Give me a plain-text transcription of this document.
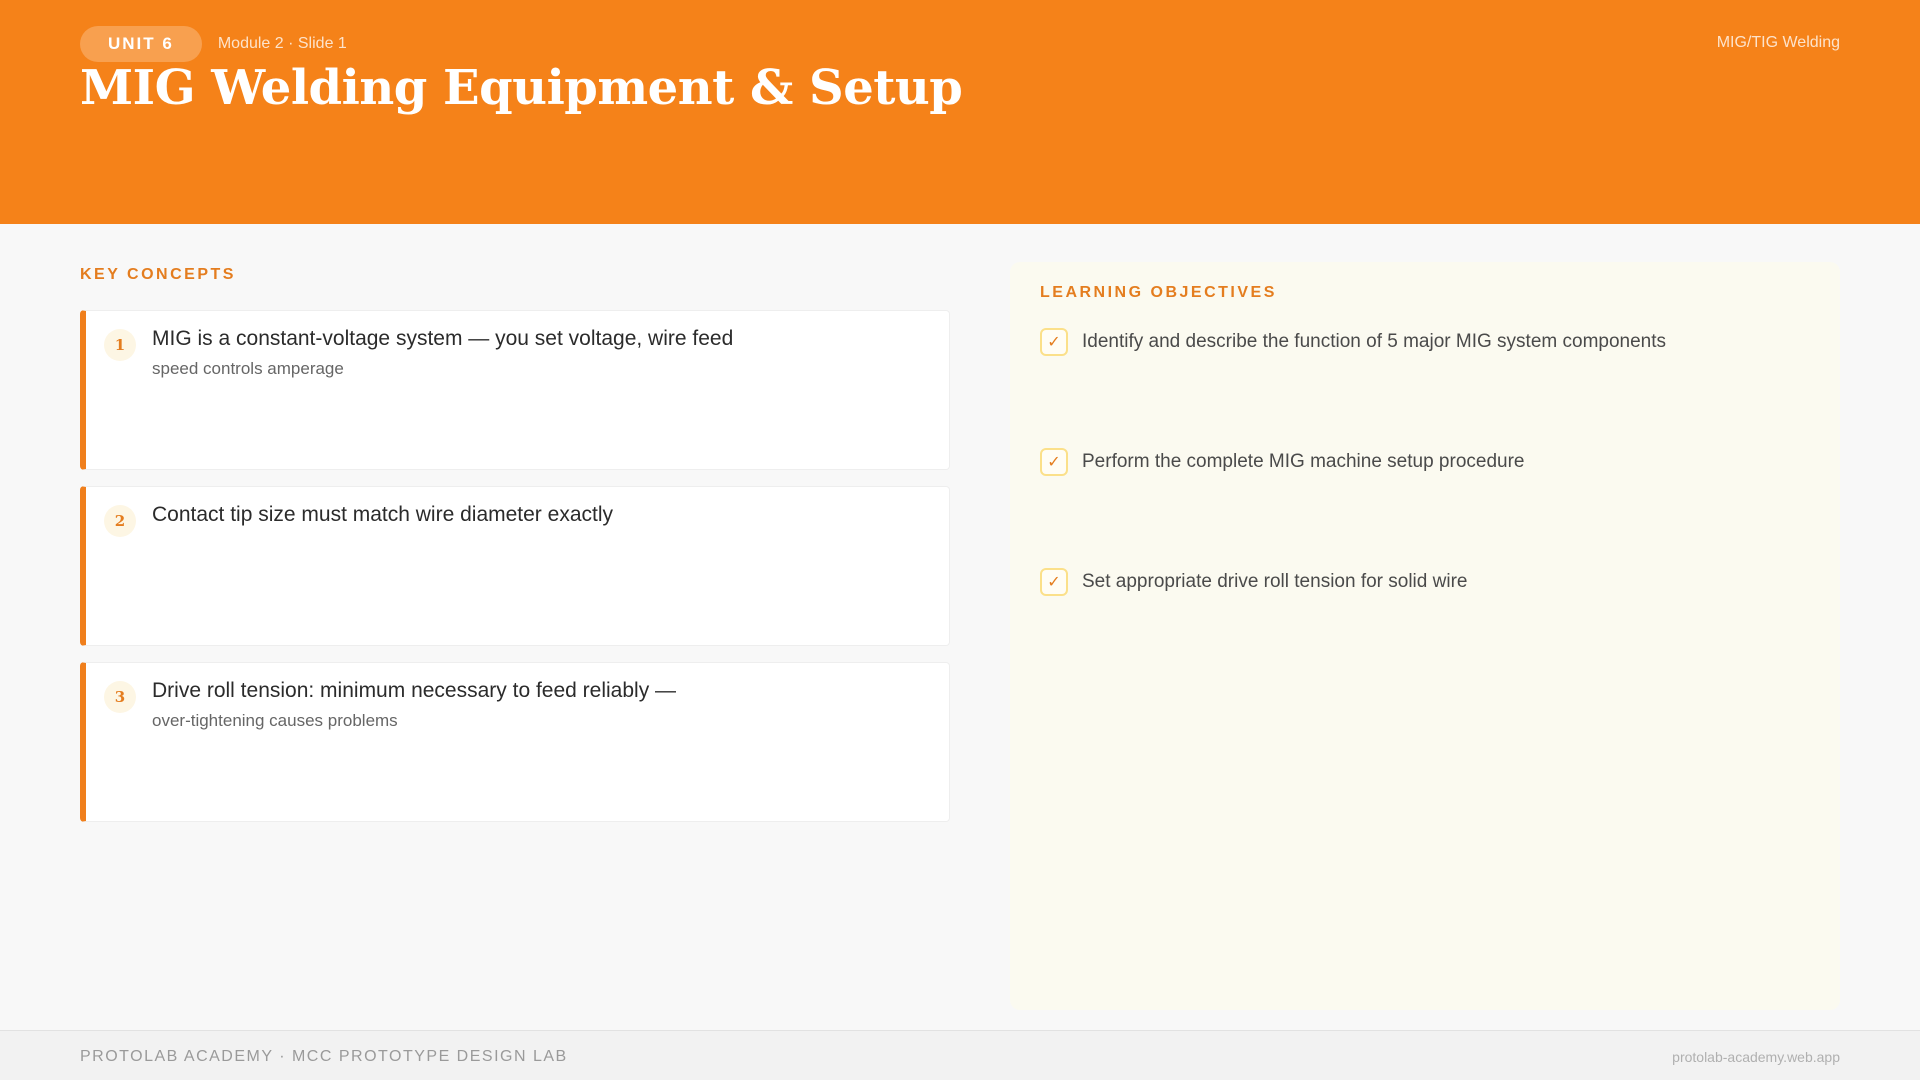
UNIT 6	Module 2 · Slide 1	MIG/TIG Welding
MIG Welding Equipment & Setup
KEY CONCEPTS
1	MIG is a constant-voltage system — you set voltage, wire feed
speed controls amperage
2	Contact tip size must match wire diameter exactly
3	Drive roll tension: minimum necessary to feed reliably —
over-tightening causes problems
LEARNING OBJECTIVES
✓	Identify and describe the function of 5 major MIG system components
✓	Perform the complete MIG machine setup procedure
✓	Set appropriate drive roll tension for solid wire
PROTOLAB ACADEMY · MCC PROTOTYPE DESIGN LAB	protolab-academy.web.app
